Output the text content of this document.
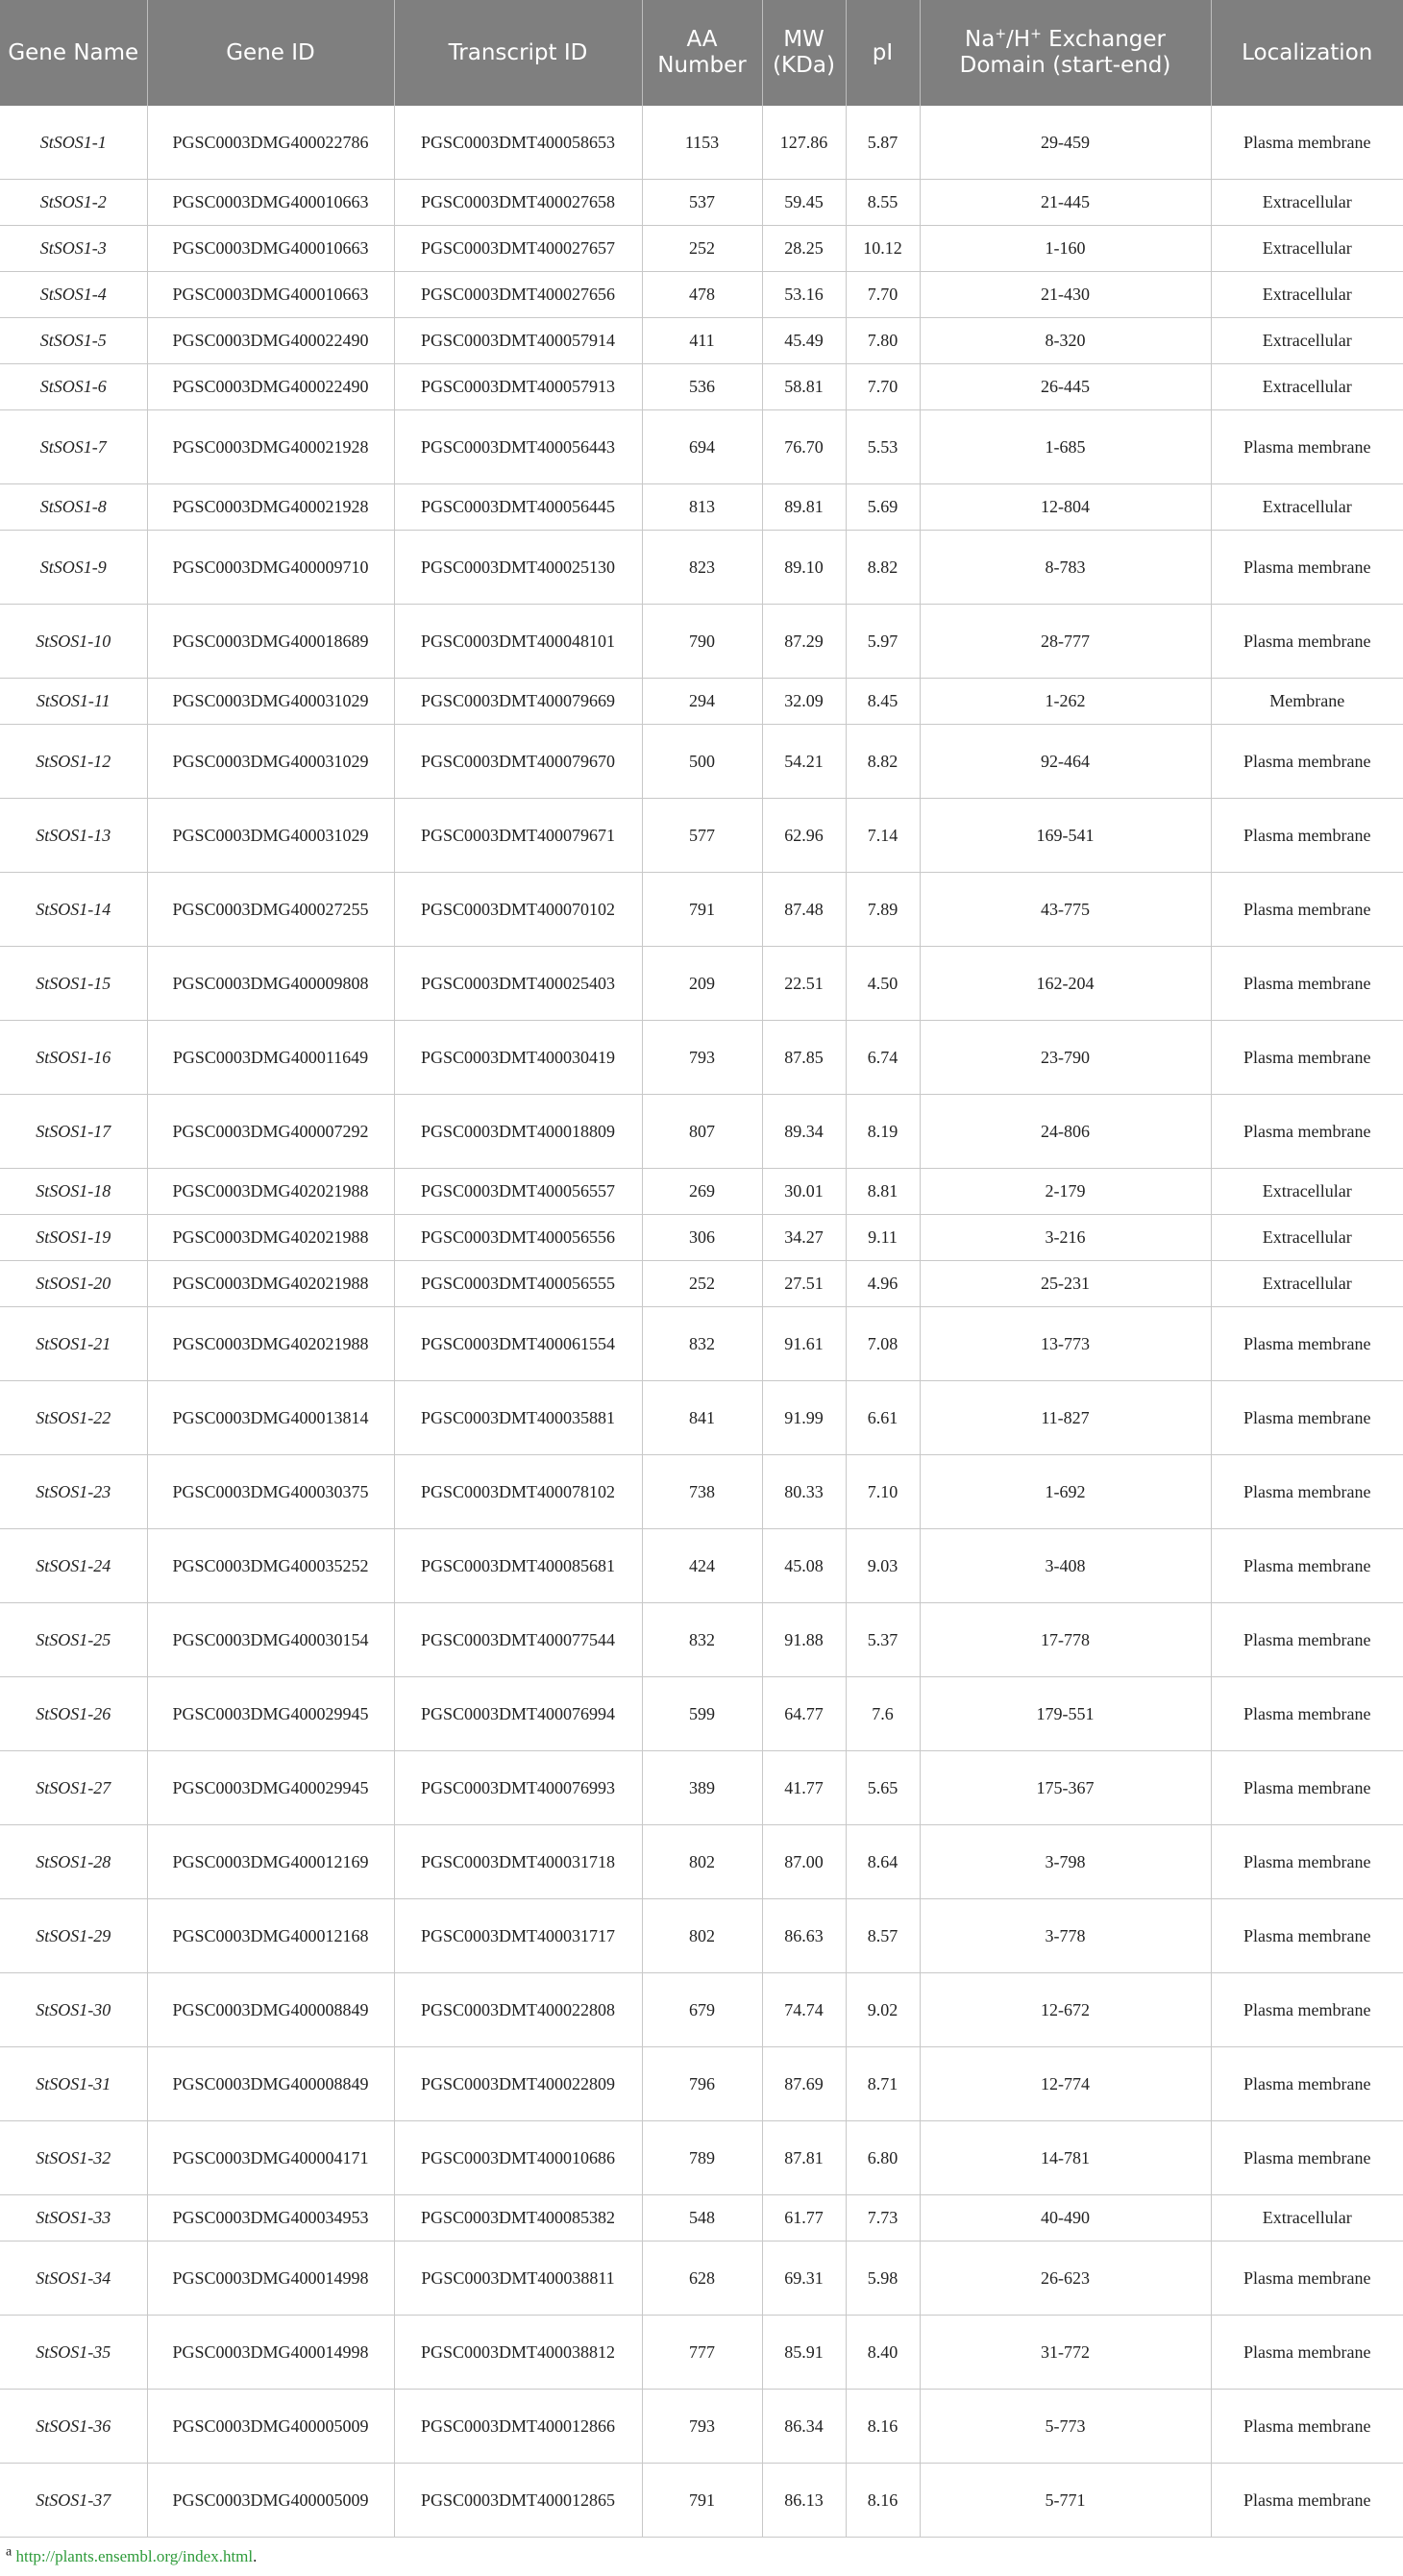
Gene Name	Gene ID	Transcript ID	AA Number	MW (KDa)	pI	Na+/H+ Exchanger Domain (start-end)	Localization
StSOS1-1	PGSC0003DMG400022786	PGSC0003DMT400058653	1153	127.86	5.87	29-459	Plasma membrane
StSOS1-2	PGSC0003DMG400010663	PGSC0003DMT400027658	537	59.45	8.55	21-445	Extracellular
StSOS1-3	PGSC0003DMG400010663	PGSC0003DMT400027657	252	28.25	10.12	1-160	Extracellular
StSOS1-4	PGSC0003DMG400010663	PGSC0003DMT400027656	478	53.16	7.70	21-430	Extracellular
StSOS1-5	PGSC0003DMG400022490	PGSC0003DMT400057914	411	45.49	7.80	8-320	Extracellular
StSOS1-6	PGSC0003DMG400022490	PGSC0003DMT400057913	536	58.81	7.70	26-445	Extracellular
StSOS1-7	PGSC0003DMG400021928	PGSC0003DMT400056443	694	76.70	5.53	1-685	Plasma membrane
StSOS1-8	PGSC0003DMG400021928	PGSC0003DMT400056445	813	89.81	5.69	12-804	Extracellular
StSOS1-9	PGSC0003DMG400009710	PGSC0003DMT400025130	823	89.10	8.82	8-783	Plasma membrane
StSOS1-10	PGSC0003DMG400018689	PGSC0003DMT400048101	790	87.29	5.97	28-777	Plasma membrane
StSOS1-11	PGSC0003DMG400031029	PGSC0003DMT400079669	294	32.09	8.45	1-262	Membrane
StSOS1-12	PGSC0003DMG400031029	PGSC0003DMT400079670	500	54.21	8.82	92-464	Plasma membrane
StSOS1-13	PGSC0003DMG400031029	PGSC0003DMT400079671	577	62.96	7.14	169-541	Plasma membrane
StSOS1-14	PGSC0003DMG400027255	PGSC0003DMT400070102	791	87.48	7.89	43-775	Plasma membrane
StSOS1-15	PGSC0003DMG400009808	PGSC0003DMT400025403	209	22.51	4.50	162-204	Plasma membrane
StSOS1-16	PGSC0003DMG400011649	PGSC0003DMT400030419	793	87.85	6.74	23-790	Plasma membrane
StSOS1-17	PGSC0003DMG400007292	PGSC0003DMT400018809	807	89.34	8.19	24-806	Plasma membrane
StSOS1-18	PGSC0003DMG402021988	PGSC0003DMT400056557	269	30.01	8.81	2-179	Extracellular
StSOS1-19	PGSC0003DMG402021988	PGSC0003DMT400056556	306	34.27	9.11	3-216	Extracellular
StSOS1-20	PGSC0003DMG402021988	PGSC0003DMT400056555	252	27.51	4.96	25-231	Extracellular
StSOS1-21	PGSC0003DMG402021988	PGSC0003DMT400061554	832	91.61	7.08	13-773	Plasma membrane
StSOS1-22	PGSC0003DMG400013814	PGSC0003DMT400035881	841	91.99	6.61	11-827	Plasma membrane
StSOS1-23	PGSC0003DMG400030375	PGSC0003DMT400078102	738	80.33	7.10	1-692	Plasma membrane
StSOS1-24	PGSC0003DMG400035252	PGSC0003DMT400085681	424	45.08	9.03	3-408	Plasma membrane
StSOS1-25	PGSC0003DMG400030154	PGSC0003DMT400077544	832	91.88	5.37	17-778	Plasma membrane
StSOS1-26	PGSC0003DMG400029945	PGSC0003DMT400076994	599	64.77	7.6	179-551	Plasma membrane
StSOS1-27	PGSC0003DMG400029945	PGSC0003DMT400076993	389	41.77	5.65	175-367	Plasma membrane
StSOS1-28	PGSC0003DMG400012169	PGSC0003DMT400031718	802	87.00	8.64	3-798	Plasma membrane
StSOS1-29	PGSC0003DMG400012168	PGSC0003DMT400031717	802	86.63	8.57	3-778	Plasma membrane
StSOS1-30	PGSC0003DMG400008849	PGSC0003DMT400022808	679	74.74	9.02	12-672	Plasma membrane
StSOS1-31	PGSC0003DMG400008849	PGSC0003DMT400022809	796	87.69	8.71	12-774	Plasma membrane
StSOS1-32	PGSC0003DMG400004171	PGSC0003DMT400010686	789	87.81	6.80	14-781	Plasma membrane
StSOS1-33	PGSC0003DMG400034953	PGSC0003DMT400085382	548	61.77	7.73	40-490	Extracellular
StSOS1-34	PGSC0003DMG400014998	PGSC0003DMT400038811	628	69.31	5.98	26-623	Plasma membrane
StSOS1-35	PGSC0003DMG400014998	PGSC0003DMT400038812	777	85.91	8.40	31-772	Plasma membrane
StSOS1-36	PGSC0003DMG400005009	PGSC0003DMT400012866	793	86.34	8.16	5-773	Plasma membrane
StSOS1-37	PGSC0003DMG400005009	PGSC0003DMT400012865	791	86.13	8.16	5-771	Plasma membrane
$^a$ http://plants.ensembl.org/index.html.
